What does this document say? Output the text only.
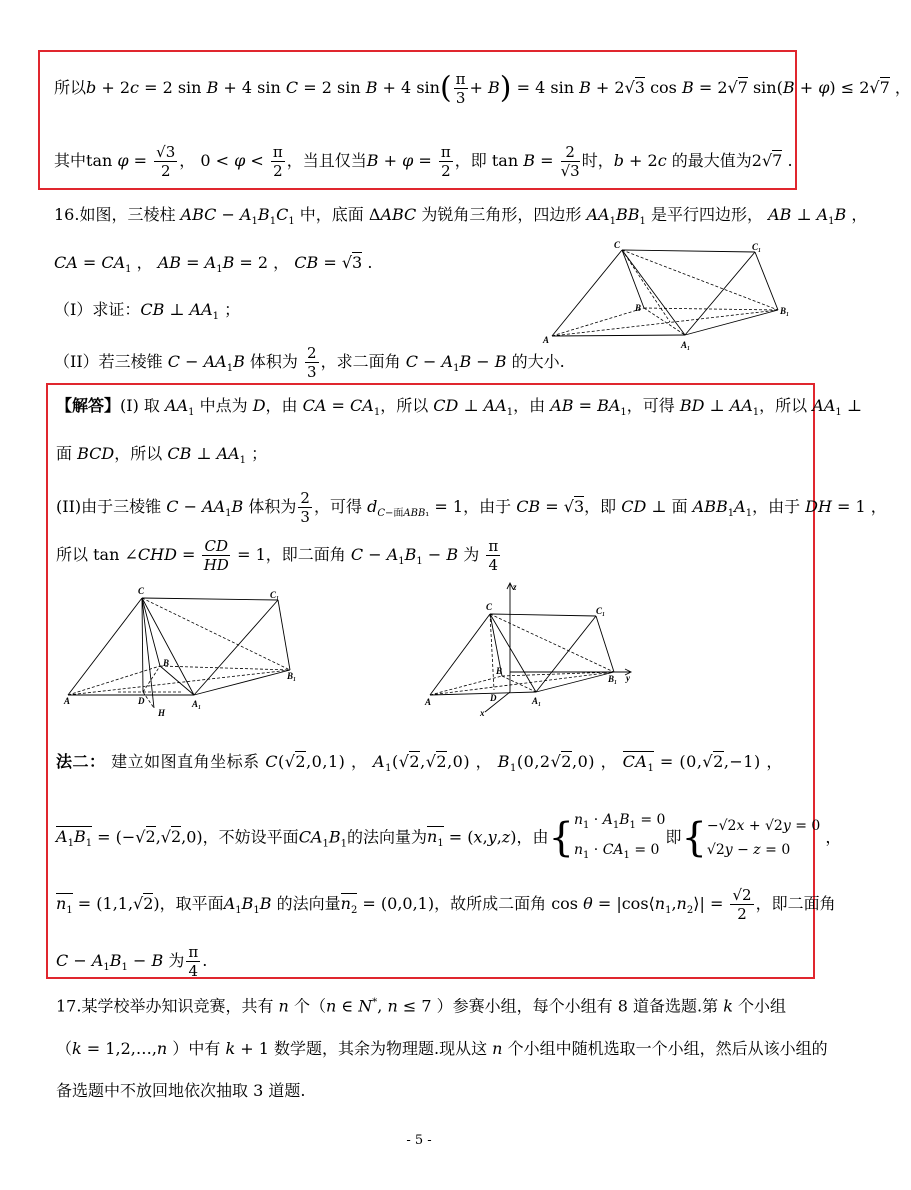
所以b + 2c = 2 sin B + 4 sin C = 2 sin B + 4 $\sin( \frac{\pi}{3} + B) = 4$ sin B + 2√3 cos B = 2√7 sin(B + φ) ≤ 2√7 ，
其中$\tan \varphi = \frac{√3}{2}$ ， $0 < \varphi < \frac{\pi}{2}$ ，当且仅当$B + \varphi = \frac{\pi}{2}$ ，即 $\tan B = \frac{2}{√3}$ 时，b + 2c 的最大值为2√7 .
16.如图，三棱柱 ABC − $A_1B_1C_1$ 中，底面 ΔABC 为锐角三角形，四边形 $AA_1BB_1$ 是平行四边形， AB ⊥ $A_1B$ ，
CA = $CA_1$ ， AB = $A_1B = 2$ ， CB = √3 .
（I）求证：CB ⊥ $AA_1$ ；
（II）若三棱锥 $C - AA_1B$ 体积为 $\frac{2}{3}$ ，求二面角 $C - A_1B - B$ 的大小.
C	C₁
B	B₁
A	A₁
【解答】(I) 取 $AA_1$ 中点为 D，由 CA = $CA_1$，所以 CD ⊥ $AA_1$，由 AB = $BA_1$，可得 BD ⊥ $AA_1$，所以 $AA_1$ ⊥
面 BCD，所以 CB ⊥ $AA_1$ ；
(II)由于三棱锥 $C - AA_1B$ 体积为 $\frac{2}{3}$ ，可得 $d_{C-面ABB_1} = 1$，由于 CB = √3，即 CD ⊥ 面 $ABB_1A_1$，由于 DH = 1 ，
所以 tan ∠CHD = $\frac{CD}{HD} = 1$，即二面角 $C - A_1B_1 - B$ 为 $\frac{\pi}{4}$
C	C₁
B
B₁
A	A₁
D
H
z
y
x
C	C₁
B
B₁
A	A₁
D
法二： 建立如图直角坐标系 C(√2,0,1) ， $A_1(√2,√2,0)$ ， $B_1(0,2√2,0)$ ， $CA_1 = (0,√2,-1)$ ，
$A_1B_1 = (-√2,√2,0)$，不妨设平面$CA_1B_1$的法向量为$n_1 = (x,y,z)$，由{ $n_1 \cdot A_1B_1 = 0$
$n_1 \cdot CA_1 = 0$
即{ −√2x + √2y = 0
√2y − z = 0
，
$n_1 = (1,1,√2)$，取平面$A_1B_1B$ 的法向量$n_2 = (0,0,1)$，故所成二面角 $\cos \theta = |\cos⟨n_1,n_2⟩| = \frac{√2}{2}$ ，即二面角
$C - A_1B_1 - B$ 为 $\frac{\pi}{4}$ .
17.某学校举办知识竞赛，共有 n 个（n ∈ N*, n ≤ 7 ）参赛小组，每个小组有 8 道备选题.第 k 个小组
（k = 1,2,…,n ）中有 k + 1 数学题，其余为物理题.现从这 n 个小组中随机选取一个小组，然后从该小组的
备选题中不放回地依次抽取 3 道题.
- 5 -
